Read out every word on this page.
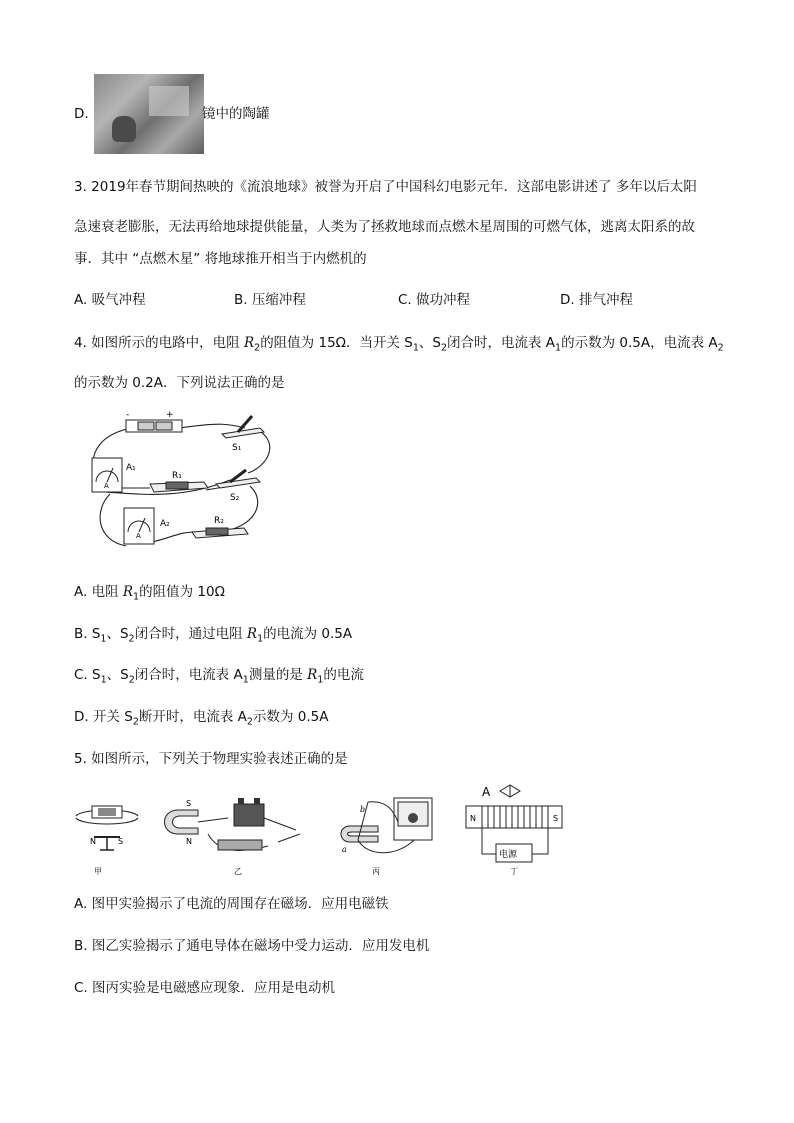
D.	镜中的陶罐
3. 2019年春节期间热映的《流浪地球》被誉为开启了中国科幻电影元年．这部电影讲述了 多年以后太阳
急速衰老膨胀，无法再给地球提供能量，人类为了拯救地球而点燃木星周围的可燃气体，逃离太阳系的故
事．其中 “点燃木星” 将地球推开相当于内燃机的
A. 吸气冲程	B. 压缩冲程	C. 做功冲程	D. 排气冲程
4. 如图所示的电路中，电阻 $R_2$的阻值为 15Ω．当开关 $S_1$、$S_2$闭合时，电流表 $A_1$的示数为 0.5A，电流表 $A_2$
的示数为 0.2A．下列说法正确的是
-	+
S₁
S₂
R₁
R₂
A
A₁
A
A₂
A. 电阻 $R_1$的阻值为 10Ω
B. $S_1$、$S_2$闭合时，通过电阻 $R_1$的电流为 0.5A
C. $S_1$、$S_2$闭合时，电流表 $A_1$测量的是 $R_1$的电流
D. 开关 $S_2$断开时，电流表 $A_2$示数为 0.5A
5. 如图所示，下列关于物理实验表述正确的是
N	S
甲
S
N
乙
b
a
丙
A
N	S
电源
丁
A. 图甲实验揭示了电流的周围存在磁场．应用电磁铁
B. 图乙实验揭示了通电导体在磁场中受力运动．应用发电机
C. 图丙实验是电磁感应现象．应用是电动机
